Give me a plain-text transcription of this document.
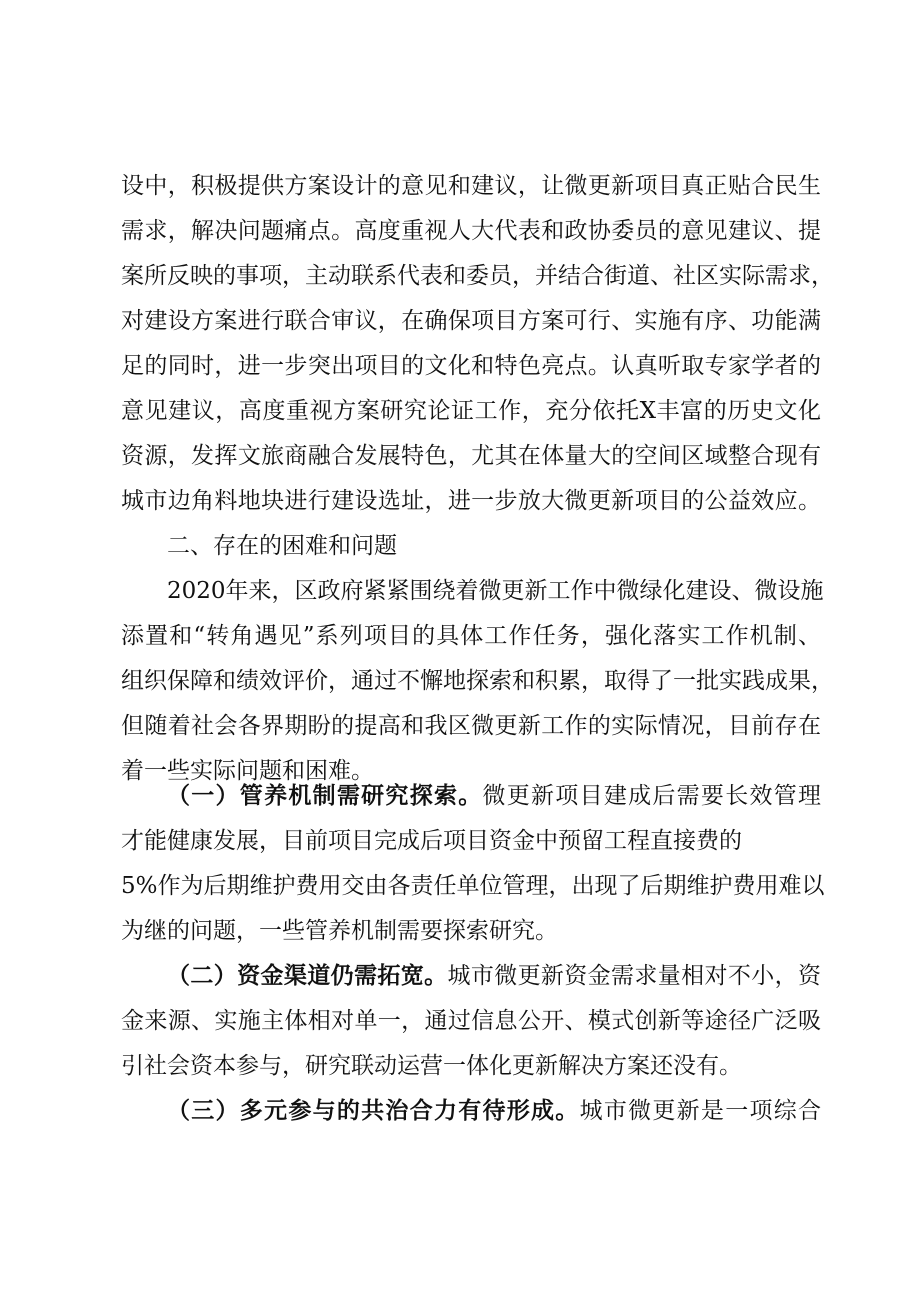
设中，积极提供方案设计的意见和建议，让微更新项目真正贴合民生
需求，解决问题痛点。高度重视人大代表和政协委员的意见建议、提
案所反映的事项，主动联系代表和委员，并结合街道、社区实际需求，
对建设方案进行联合审议，在确保项目方案可行、实施有序、功能满
足的同时，进一步突出项目的文化和特色亮点。认真听取专家学者的
意见建议，高度重视方案研究论证工作，充分依托X丰富的历史文化
资源，发挥文旅商融合发展特色，尤其在体量大的空间区域整合现有
城市边角料地块进行建设选址，进一步放大微更新项目的公益效应。
二、存在的困难和问题
2020年来，区政府紧紧围绕着微更新工作中微绿化建设、微设施
添置和“转角遇见”系列项目的具体工作任务，强化落实工作机制、
组织保障和绩效评价，通过不懈地探索和积累，取得了一批实践成果，
但随着社会各界期盼的提高和我区微更新工作的实际情况，目前存在
着一些实际问题和困难。
（一）管养机制需研究探索。微更新项目建成后需要长效管理
才能健康发展，目前项目完成后项目资金中预留工程直接费的
5%作为后期维护费用交由各责任单位管理，出现了后期维护费用难以
为继的问题，一些管养机制需要探索研究。
（二）资金渠道仍需拓宽。城市微更新资金需求量相对不小，资
金来源、实施主体相对单一，通过信息公开、模式创新等途径广泛吸
引社会资本参与，研究联动运营一体化更新解决方案还没有。
（三）多元参与的共治合力有待形成。城市微更新是一项综合
